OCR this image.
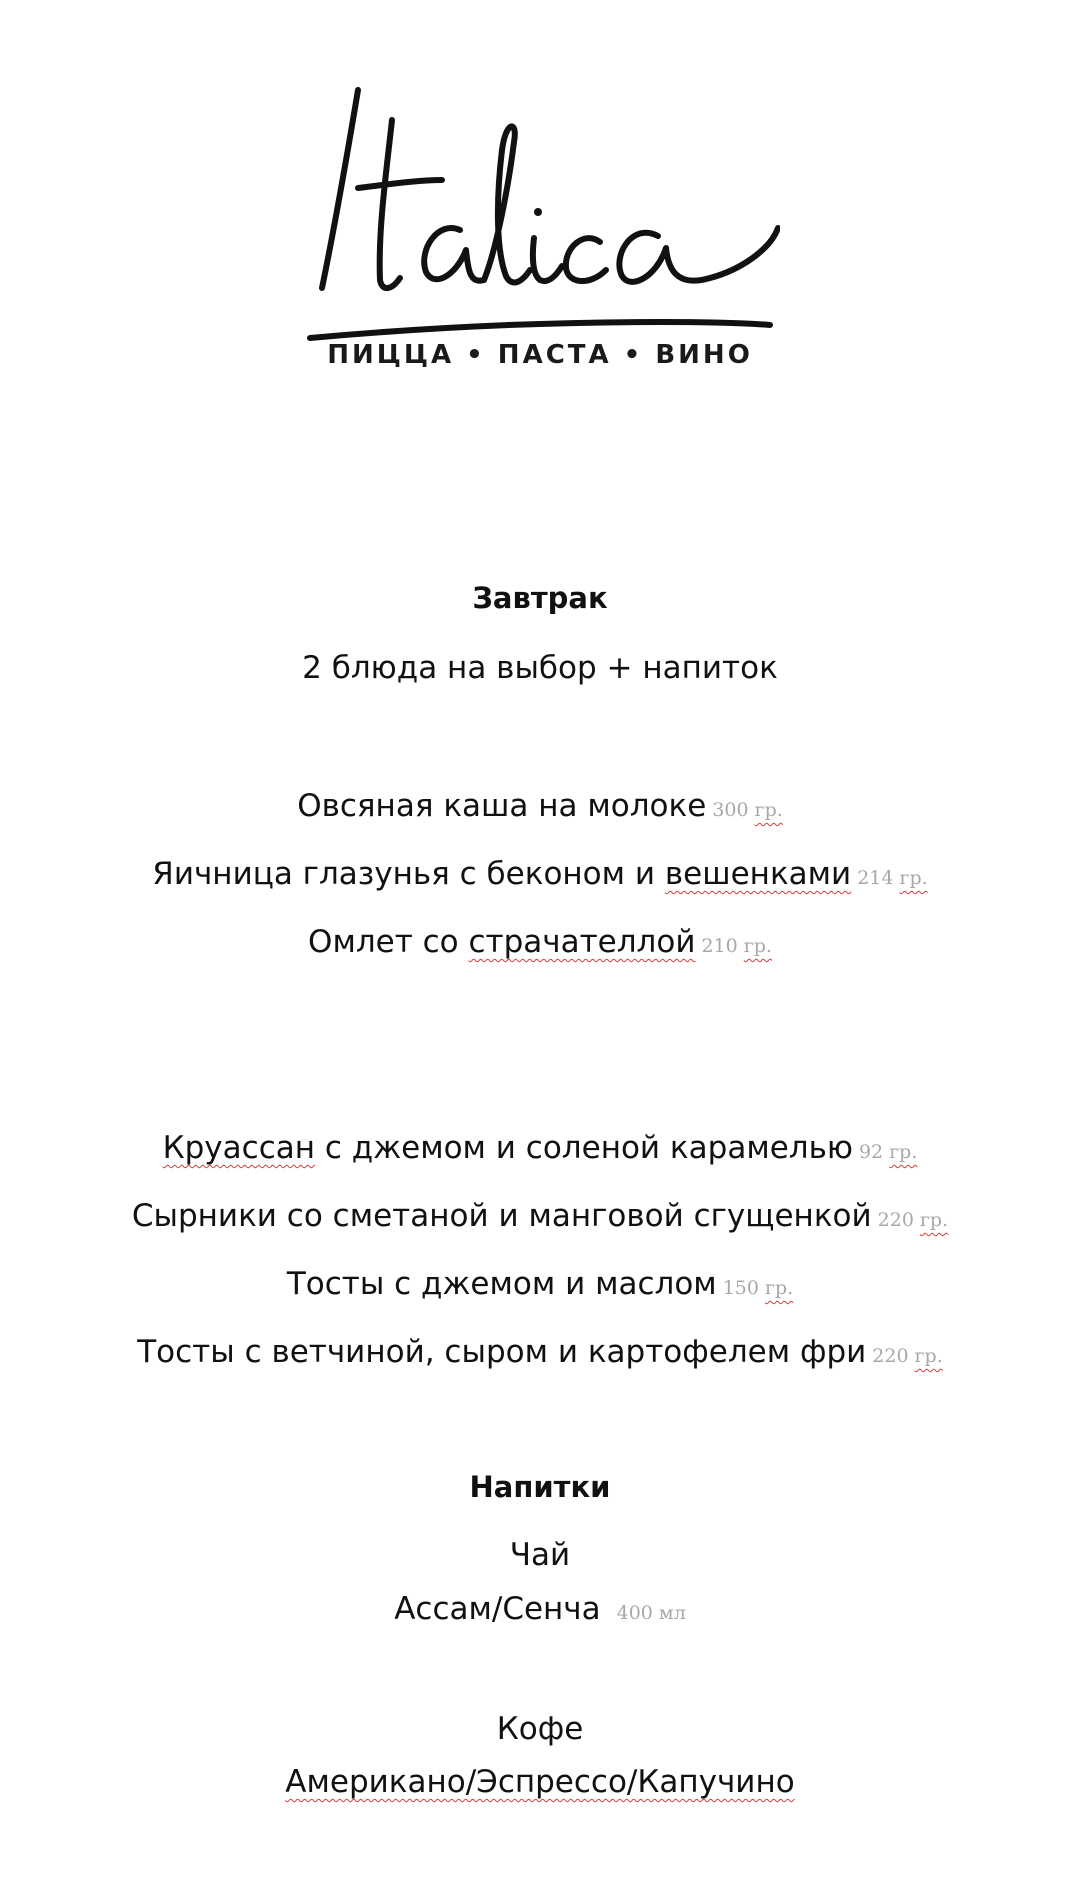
ПИЦЦА • ПАСТА • ВИНО
Завтрак
2 блюда на выбор + напиток
Овсяная каша на молоке 300 гр.
Яичница глазунья с беконом и вешенками 214 гр.
Омлет со страчателлой 210 гр.
Круассан с джемом и соленой карамелью 92 гр.
Сырники со сметаной и манговой сгущенкой 220 гр.
Тосты с джемом и маслом 150 гр.
Тосты с ветчиной, сыром и картофелем фри 220 гр.
Напитки
Чай
Ассам/Сенча 400 мл
Кофе
Американо/Эспрессо/Капучино
